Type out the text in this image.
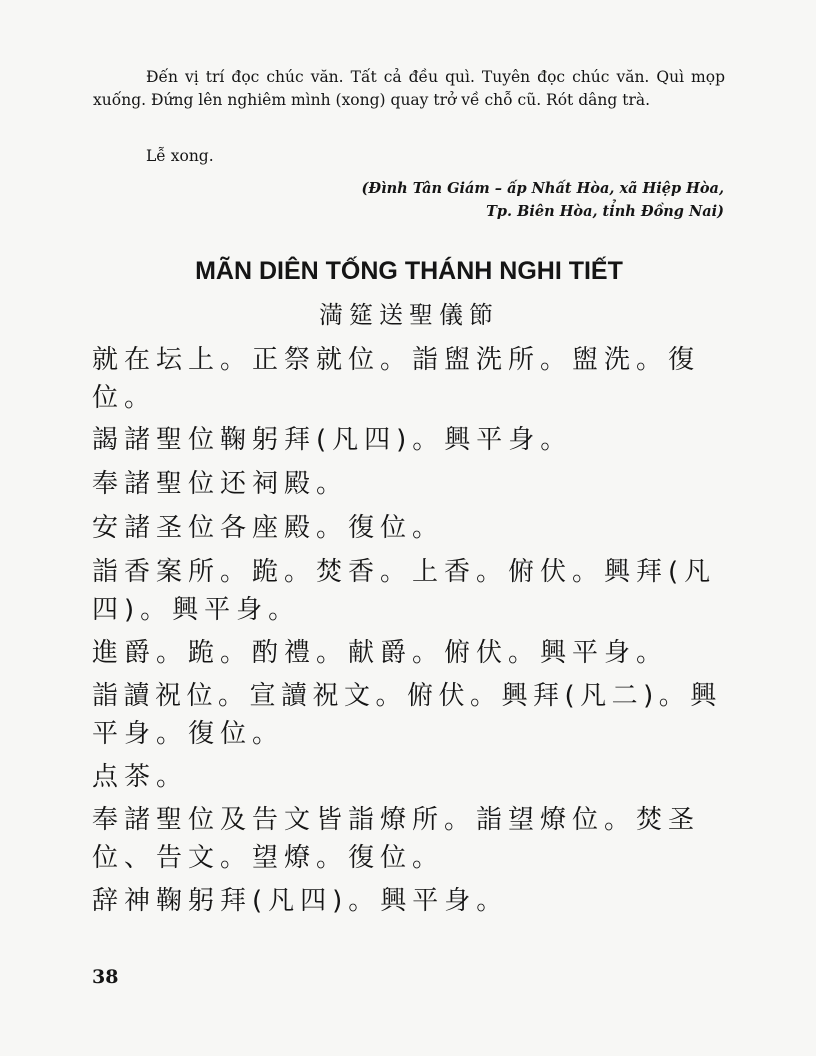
Đến vị trí đọc chúc văn. Tất cả đều quì. Tuyên đọc chúc văn. Quì mọp xuống. Đứng lên nghiêm mình (xong) quay trở về chỗ cũ. Rót dâng trà.
Lễ xong.
(Đình Tân Giám – ấp Nhất Hòa, xã Hiệp Hòa,
Tp. Biên Hòa, tỉnh Đồng Nai)
MÃN DIÊN TỐNG THÁNH NGHI TIẾT
満筵送聖儀節
就在坛上。正祭就位。詣盥洗所。盥洗。復
位。
謁諸聖位鞠躬拜(凡四)。興平身。
奉諸聖位还祠殿。
安諸圣位各座殿。復位。
詣香案所。跪。焚香。上香。俯伏。興拜(凡
四)。興平身。
進爵。跪。酌禮。献爵。俯伏。興平身。
詣讀祝位。宣讀祝文。俯伏。興拜(凡二)。興
平身。復位。
点茶。
奉諸聖位及告文皆詣燎所。詣望燎位。焚圣
位、告文。望燎。復位。
辞神鞠躬拜(凡四)。興平身。
38
